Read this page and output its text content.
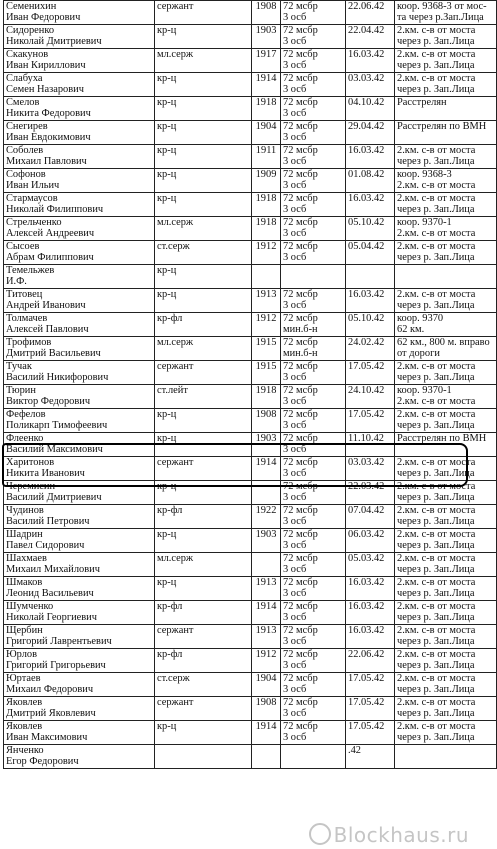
Семенихин
Иван Федорович	сержант	1908	72 мсбр
3 осб	22.06.42	коор. 9368-3 от мос-
та через р.Зап.Лица

Сидоренко
Николай Дмитриевич	кр-ц	1903	72 мсбр
3 осб	22.04.42	2.км. с-в от моста
через р. Зап.Лица

Скакунов
Иван Кириллович	мл.серж	1917	72 мсбр
3 осб	16.03.42	2.км. с-в от моста
через р. Зап.Лица

Слабуха
Семен Назарович	кр-ц	1914	72 мсбр
3 осб	03.03.42	2.км. с-в от моста
через р. Зап.Лица

Смелов
Никита Федорович	кр-ц	1918	72 мсбр
3 осб	04.10.42	Расстрелян

Снегирев
Иван Евдокимович	кр-ц	1904	72 мсбр
3 осб	29.04.42	Расстрелян по ВМН

Соболев
Михаил Павлович	кр-ц	1911	72 мсбр
3 осб	16.03.42	2.км. с-в от моста
через р. Зап.Лица

Софонов
Иван Ильич	кр-ц	1909	72 мсбр
3 осб	01.08.42	коор. 9368-3
2.км. с-в от моста

Стармаусов
Николай Филиппович	кр-ц	1918	72 мсбр
3 осб	16.03.42	2.км. с-в от моста
через р. Зап.Лица

Стрельченко
Алексей Андреевич	мл.серж	1918	72 мсбр
3 осб	05.10.42	коор. 9370-1
2.км. с-в от моста

Сысоев
Абрам Филиппович	ст.серж	1912	72 мсбр
3 осб	05.04.42	2.км. с-в от моста
через р. Зап.Лица

Темельжев
И.Ф.	кр-ц				

Титовец
Андрей Иванович	кр-ц	1913	72 мсбр
3 осб	16.03.42	2.км. с-в от моста
через р. Зап.Лица

Толмачев
Алексей Павлович	кр-фл	1912	72 мсбр
мин.б-н	05.10.42	коор. 9370
62 км.

Трофимов
Дмитрий Васильевич	мл.серж	1915	72 мсбр
мин.б-н	24.02.42	62 км., 800 м. вправо
от дороги

Тучак
Василий Никифорович	сержант	1915	72 мсбр
3 осб	17.05.42	2.км. с-в от моста
через р. Зап.Лица

Тюрин
Виктор Федорович	ст.лейт	1918	72 мсбр
3 осб	24.10.42	коор. 9370-1
2.км. с-в от моста

Фефелов
Поликарп Тимофеевич	кр-ц	1908	72 мсбр
3 осб	17.05.42	2.км. с-в от моста
через р. Зап.Лица

Флеенко
Василий Максимович	кр-ц	1903	72 мсбр
3 осб	11.10.42	Расстрелян по ВМН

Харитонов
Никита Иванович	сержант	1914	72 мсбр
3 осб	03.03.42	2.км. с-в от моста
через р. Зап.Лица

Черемисин
Василий Дмитриевич	кр-ц		72 мсбр
3 осб	22.03.42	2.км. с-в от моста
через р. Зап.Лица

Чудинов
Василий Петрович	кр-фл	1922	72 мсбр
3 осб	07.04.42	2.км. с-в от моста
через р. Зап.Лица

Шадрин
Павел Сидорович	кр-ц	1903	72 мсбр
3 осб	06.03.42	2.км. с-в от моста
через р. Зап.Лица

Шахмаев
Михаил Михайлович	мл.серж		72 мсбр
3 осб	05.03.42	2.км. с-в от моста
через р. Зап.Лица

Шмаков
Леонид Васильевич	кр-ц	1913	72 мсбр
3 осб	16.03.42	2.км. с-в от моста
через р. Зап.Лица

Шумченко
Николай Георгиевич	кр-фл	1914	72 мсбр
3 осб	16.03.42	2.км. с-в от моста
через р. Зап.Лица

Щербин
Григорий Лаврентьевич	сержант	1913	72 мсбр
3 осб	16.03.42	2.км. с-в от моста
через р. Зап.Лица

Юрлов
Григорий Григорьевич	кр-фл	1912	72 мсбр
3 осб	22.06.42	2.км. с-в от моста
через р. Зап.Лица

Юртаев
Михаил Федорович	ст.серж	1904	72 мсбр
3 осб	17.05.42	2.км. с-в от моста
через р. Зап.Лица

Яковлев
Дмитрий Яковлевич	сержант	1908	72 мсбр
3 осб	17.05.42	2.км. с-в от моста
через р. Зап.Лица

Яковлев
Иван Максимович	кр-ц	1914	72 мсбр
3 осб	17.05.42	2.км. с-в от моста
через р. Зап.Лица

Янченко
Егор Федорович				.42	

Blockhaus.ru
